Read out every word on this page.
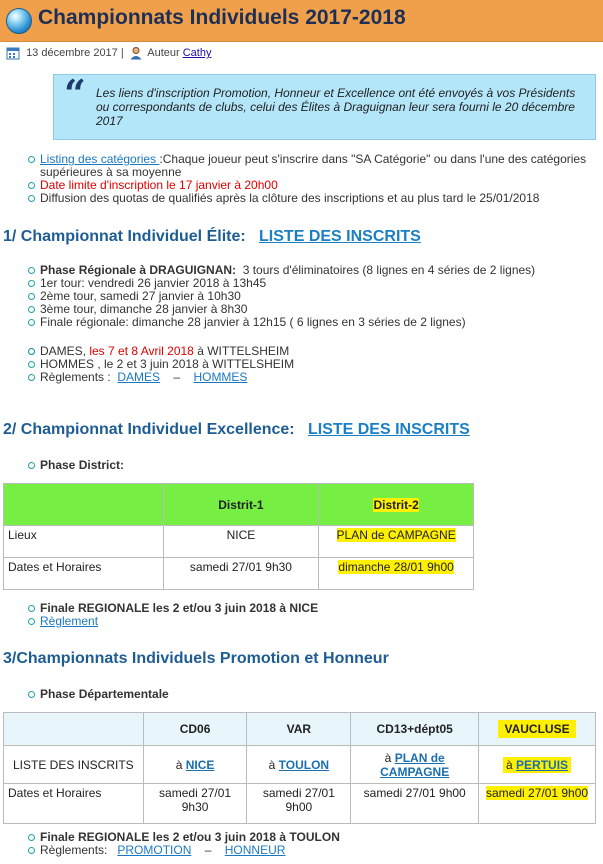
Championnats Individuels 2017-2018
13 décembre 2017 | Auteur Cathy
“ Les liens d'inscription Promotion, Honneur et Excellence ont été envoyés à vos Présidents ou correspondants de clubs, celui des Élites à Draguignan leur sera fourni le 20 décembre 2017
Listing des catégories :Chaque joueur peut s'inscrire dans "SA Catégorie" ou dans l'une des catégories supérieures à sa moyenne
Date limite d'inscription le 17 janvier à 20h00
Diffusion des quotas de qualifiés après la clôture des inscriptions et au plus tard le 25/01/2018
1/ Championnat Individuel Élite: LISTE DES INSCRITS
Phase Régionale à DRAGUIGNAN: 3 tours d'éliminatoires (8 lignes en 4 séries de 2 lignes)
1er tour: vendredi 26 janvier 2018 à 13h45
2ème tour, samedi 27 janvier à 10h30
3ème tour, dimanche 28 janvier à 8h30
Finale régionale: dimanche 28 janvier à 12h15 ( 6 lignes en 3 séries de 2 lignes)
DAMES, les 7 et 8 Avril 2018 à WITTELSHEIM
HOMMES , le 2 et 3 juin 2018 à WITTELSHEIM
Règlements : DAMES – HOMMES
2/ Championnat Individuel Excellence: LISTE DES INSCRITS
Phase District:
	Distrit-1	Distrit-2
Lieux	NICE	PLAN de CAMPAGNE
Dates et Horaires	samedi 27/01 9h30	dimanche 28/01 9h00
Finale REGIONALE les 2 et/ou 3 juin 2018 à NICE
Règlement
3/Championnats Individuels Promotion et Honneur
Phase Départementale
	CD06	VAR	CD13+dépt05	VAUCLUSE
LISTE DES INSCRITS	à NICE	à TOULON	à PLAN de CAMPAGNE	à PERTUIS
Dates et Horaires	samedi 27/01 9h30	samedi 27/01 9h00	samedi 27/01 9h00	samedi 27/01 9h00
Finale REGIONALE les 2 et/ou 3 juin 2018 à TOULON
Règlements: PROMOTION – HONNEUR
